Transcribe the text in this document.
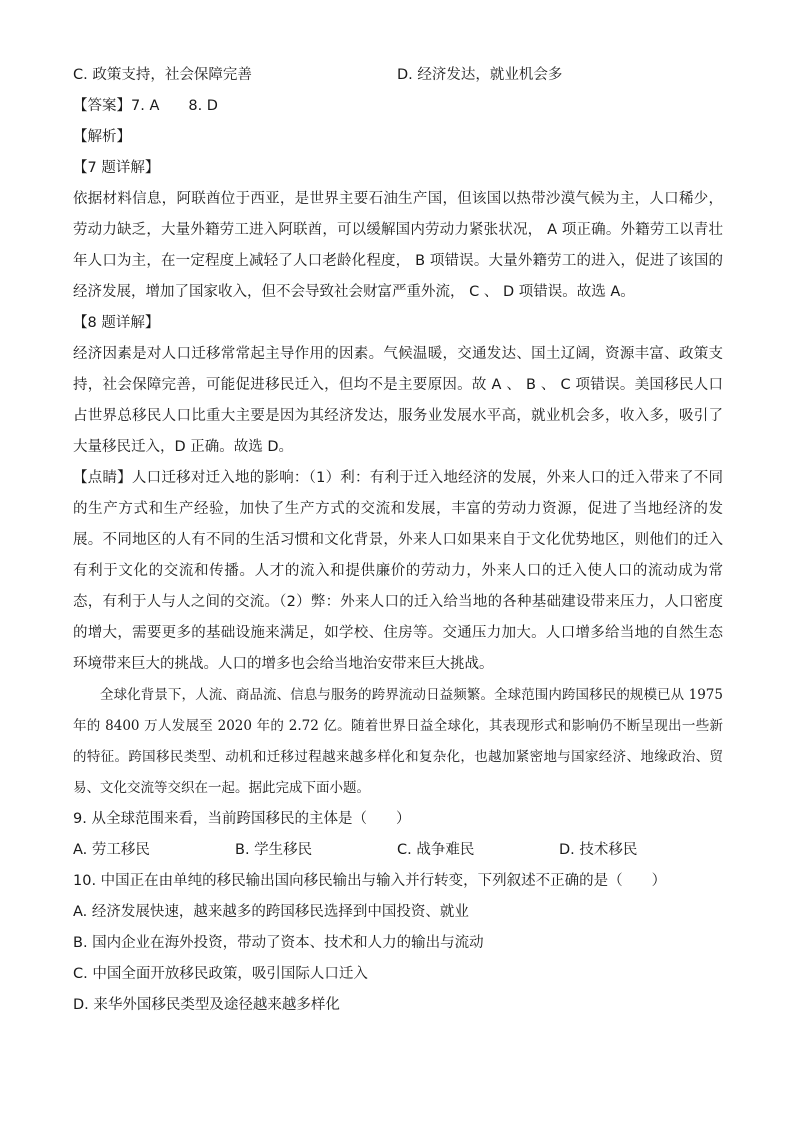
C. 政策支持，社会保障完善	D. 经济发达，就业机会多
【答案】7. A　　8. D
【解析】
【7 题详解】

依据材料信息，阿联酋位于西亚，是世界主要石油生产国，但该国以热带沙漠气候为主，人口稀少，劳动力缺乏，大量外籍劳工进入阿联酋，可以缓解国内劳动力紧张状况， A 项正确。外籍劳工以青壮年人口为主，在一定程度上减轻了人口老龄化程度， B 项错误。大量外籍劳工的进入，促进了该国的经济发展，增加了国家收入，但不会导致社会财富严重外流， C 、 D 项错误。故选 A。

【8 题详解】

经济因素是对人口迁移常常起主导作用的因素。气候温暖，交通发达、国土辽阔，资源丰富、政策支持，社会保障完善，可能促进移民迁入，但均不是主要原因。故 A 、 B 、 C 项错误。美国移民人口占世界总移民人口比重大主要是因为其经济发达，服务业发展水平高，就业机会多，收入多，吸引了大量移民迁入，D 正确。故选 D。

【点睛】人口迁移对迁入地的影响：（1）利：有利于迁入地经济的发展，外来人口的迁入带来了不同的生产方式和生产经验，加快了生产方式的交流和发展，丰富的劳动力资源，促进了当地经济的发展。不同地区的人有不同的生活习惯和文化背景，外来人口如果来自于文化优势地区，则他们的迁入有利于文化的交流和传播。人才的流入和提供廉价的劳动力，外来人口的迁入使人口的流动成为常态，有利于人与人之间的交流。（2）弊：外来人口的迁入给当地的各种基础建设带来压力，人口密度的增大，需要更多的基础设施来满足，如学校、住房等。交通压力加大。人口增多给当地的自然生态环境带来巨大的挑战。人口的增多也会给当地治安带来巨大挑战。

全球化背景下，人流、商品流、信息与服务的跨界流动日益频繁。全球范围内跨国移民的规模已从 1975 年的 8400 万人发展至 2020 年的 2.72 亿。随着世界日益全球化，其表现形式和影响仍不断呈现出一些新的特征。跨国移民类型、动机和迁移过程越来越多样化和复杂化，也越加紧密地与国家经济、地缘政治、贸易、文化交流等交织在一起。据此完成下面小题。

9. 从全球范围来看，当前跨国移民的主体是（　　）
A. 劳工移民	B. 学生移民	C. 战争难民	D. 技术移民
10. 中国正在由单纯的移民输出国向移民输出与输入并行转变，下列叙述不正确的是（　　）
A. 经济发展快速，越来越多的跨国移民选择到中国投资、就业
B. 国内企业在海外投资，带动了资本、技术和人力的输出与流动
C. 中国全面开放移民政策，吸引国际人口迁入
D. 来华外国移民类型及途径越来越多样化
